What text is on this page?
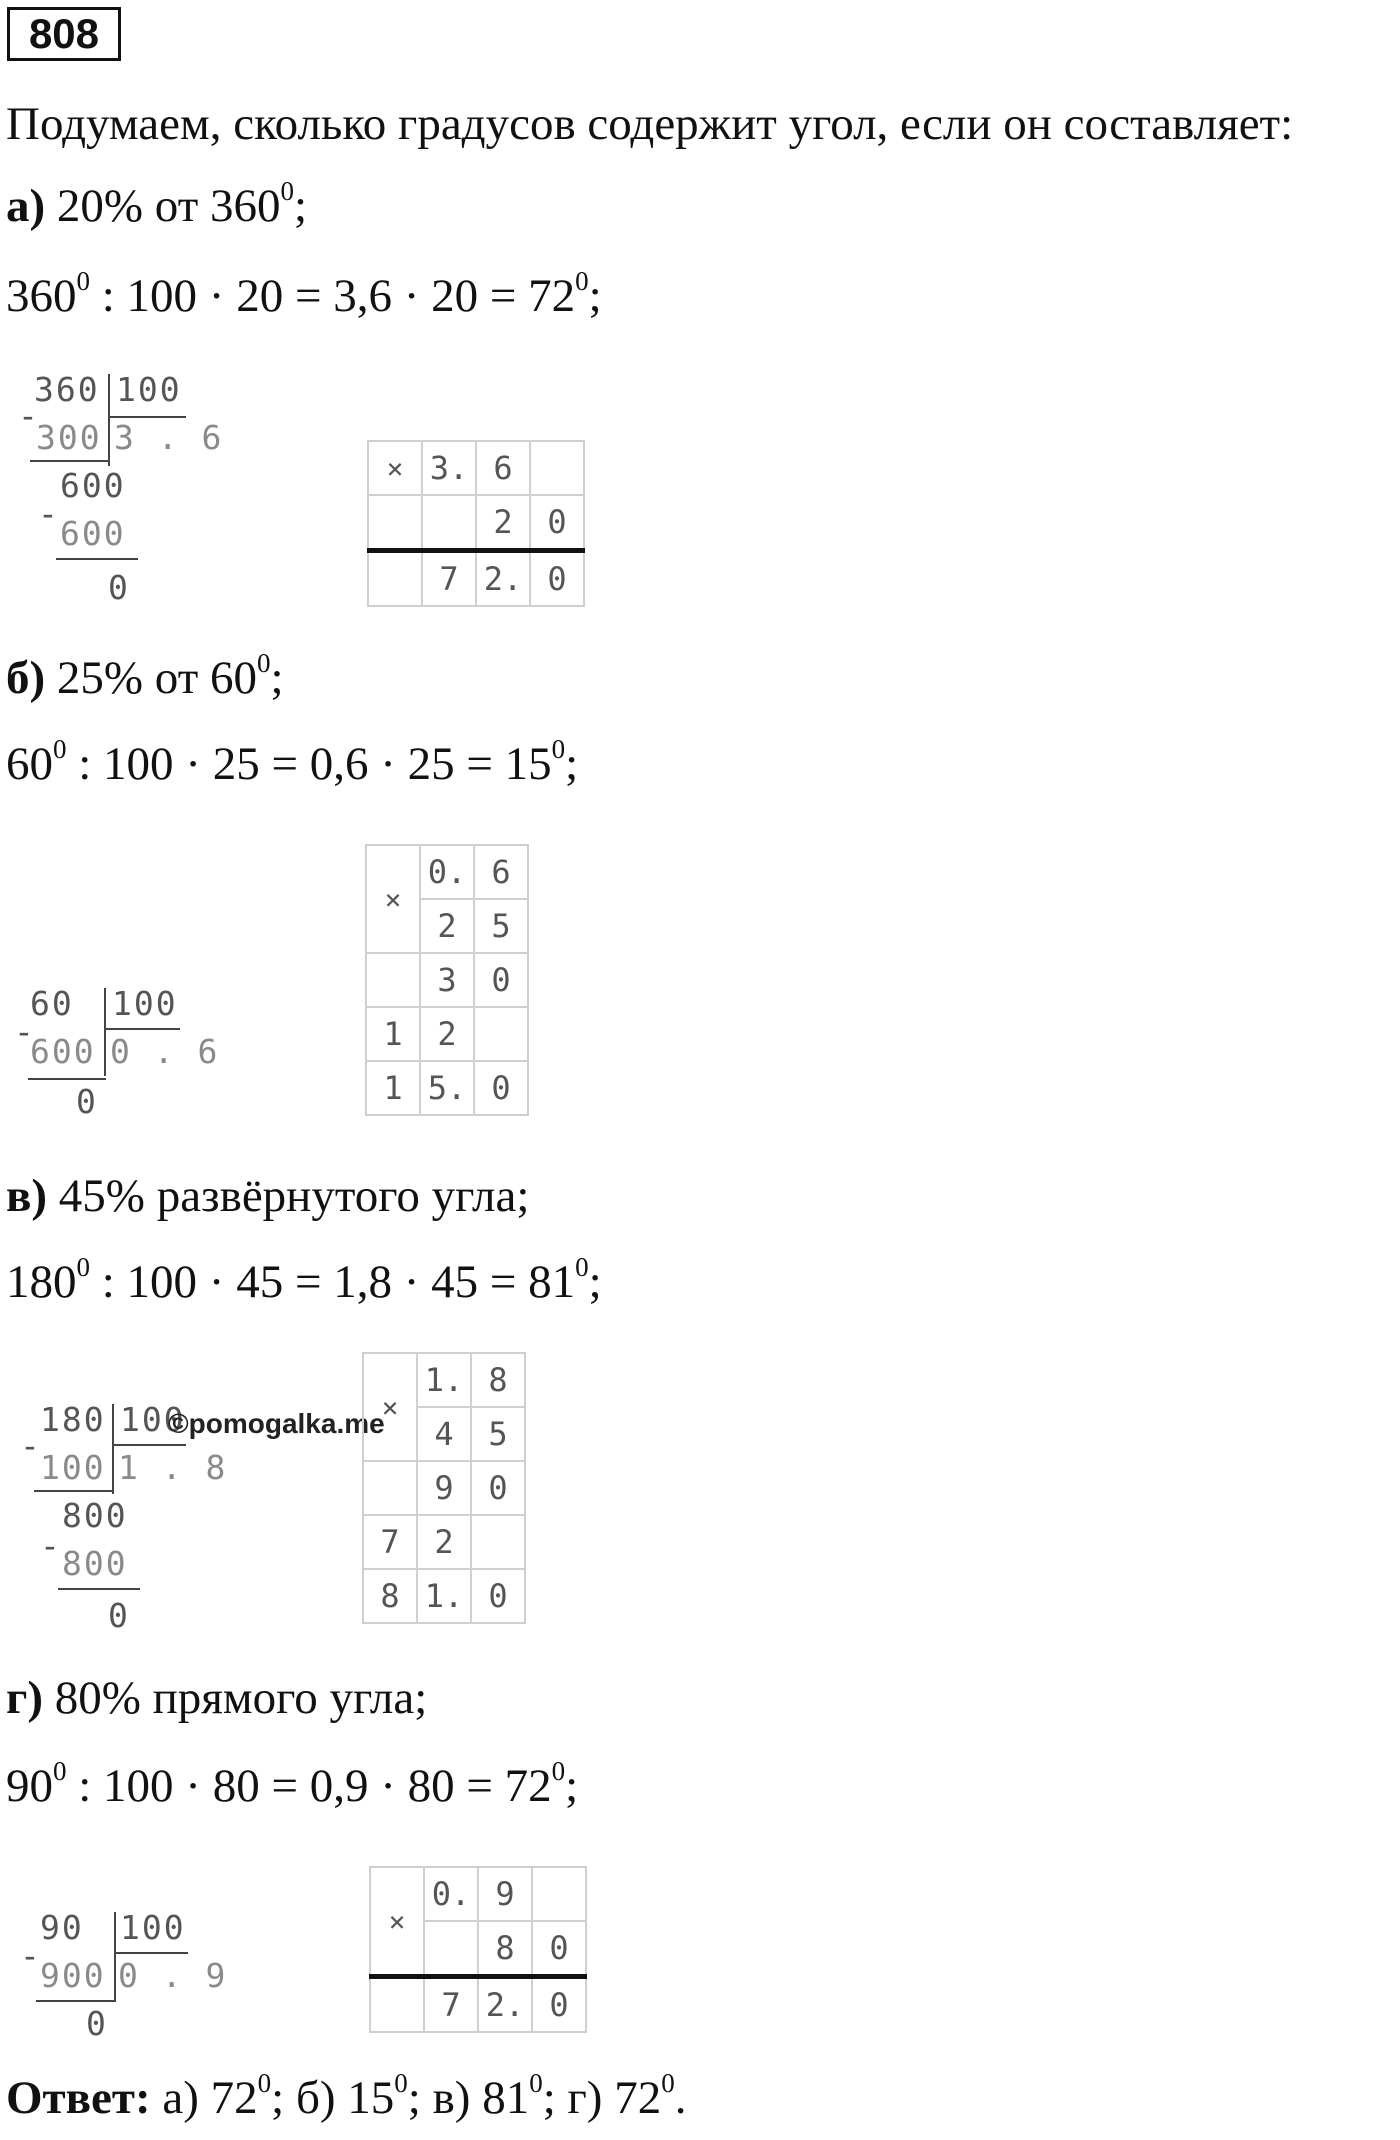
808
Подумаем, сколько градусов содержит угол, если он составляет:
а) 20% от $360^0$;
$360^0$ : $100 \cdot 20 = 3,6 \cdot 20 = 72^0$;
360 100
300 3 . 6
-
600
-
600
0
×	3.	6	
		2	0
	7	2.	0
б) 25% от $60^0$;
$60^0$ : $100 \cdot 25 = 0,6 \cdot 25 = 15^0$;
60 100
-
600 0 . 6
0
×	0.	6
	2	5
	3	0
1	2	
1	5.	0
в) 45% развёрнутого угла;
$180^0$ : $100 \cdot 45 = 1,8 \cdot 45 = 81^0$;
180 100
-
100 1 . 8
800
- 800
0
©pomogalka.me
×	1.	8
	4	5
	9	0
7	2	
8	1.	0
г) 80% прямого угла;
$90^0$ : $100 \cdot 80 = 0,9 \cdot 80 = 72^0$;
90 100
-
900 0 . 9
0
×	0.	9	
		8	0
	7	2.	0
Ответ: а) $72^0$; б) $15^0$; в) $81^0$; г) $72^0$.
